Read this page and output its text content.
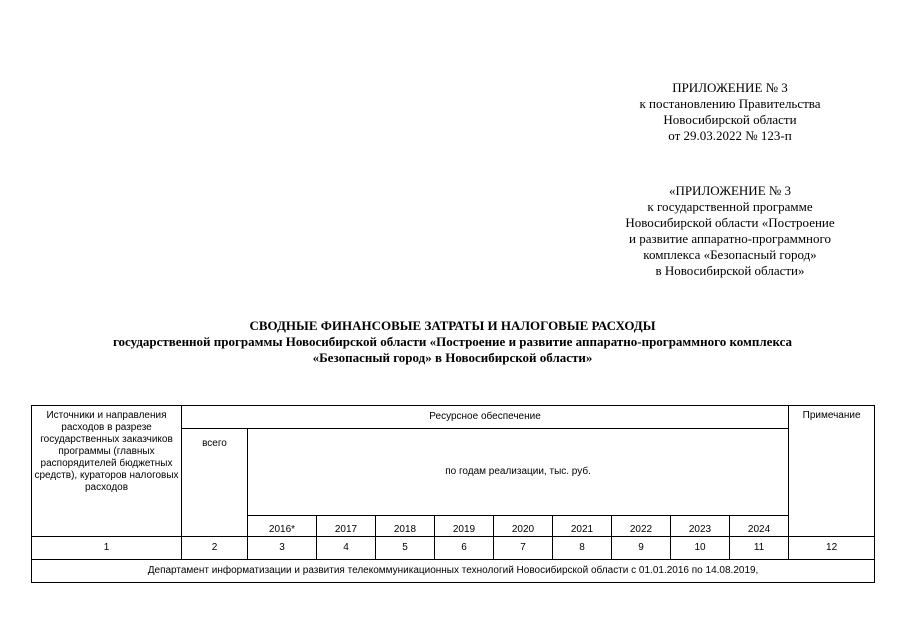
ПРИЛОЖЕНИЕ № 3
к постановлению Правительства
Новосибирской области
от 29.03.2022 № 123-п
«ПРИЛОЖЕНИЕ № 3
к государственной программе
Новосибирской области «Построение
и развитие аппаратно-программного
комплекса «Безопасный город»
в Новосибирской области»
СВОДНЫЕ ФИНАНСОВЫЕ ЗАТРАТЫ И НАЛОГОВЫЕ РАСХОДЫ
государственной программы Новосибирской области «Построение и развитие аппаратно-программного комплекса
«Безопасный город» в Новосибирской области»
Источники и направления расходов в разрезе государственных заказчиков программы (главных распорядителей бюджетных средств), кураторов налоговых расходов	Ресурсное обеспечение										Примечание
	всего	по годам реализации, тыс. руб.									
		2016*	2017	2018	2019	2020	2021	2022	2023	2024	
1	2	3	4	5	6	7	8	9	10	11	12
Департамент информатизации и развития телекоммуникационных технологий Новосибирской области с 01.01.2016 по 14.08.2019,											
